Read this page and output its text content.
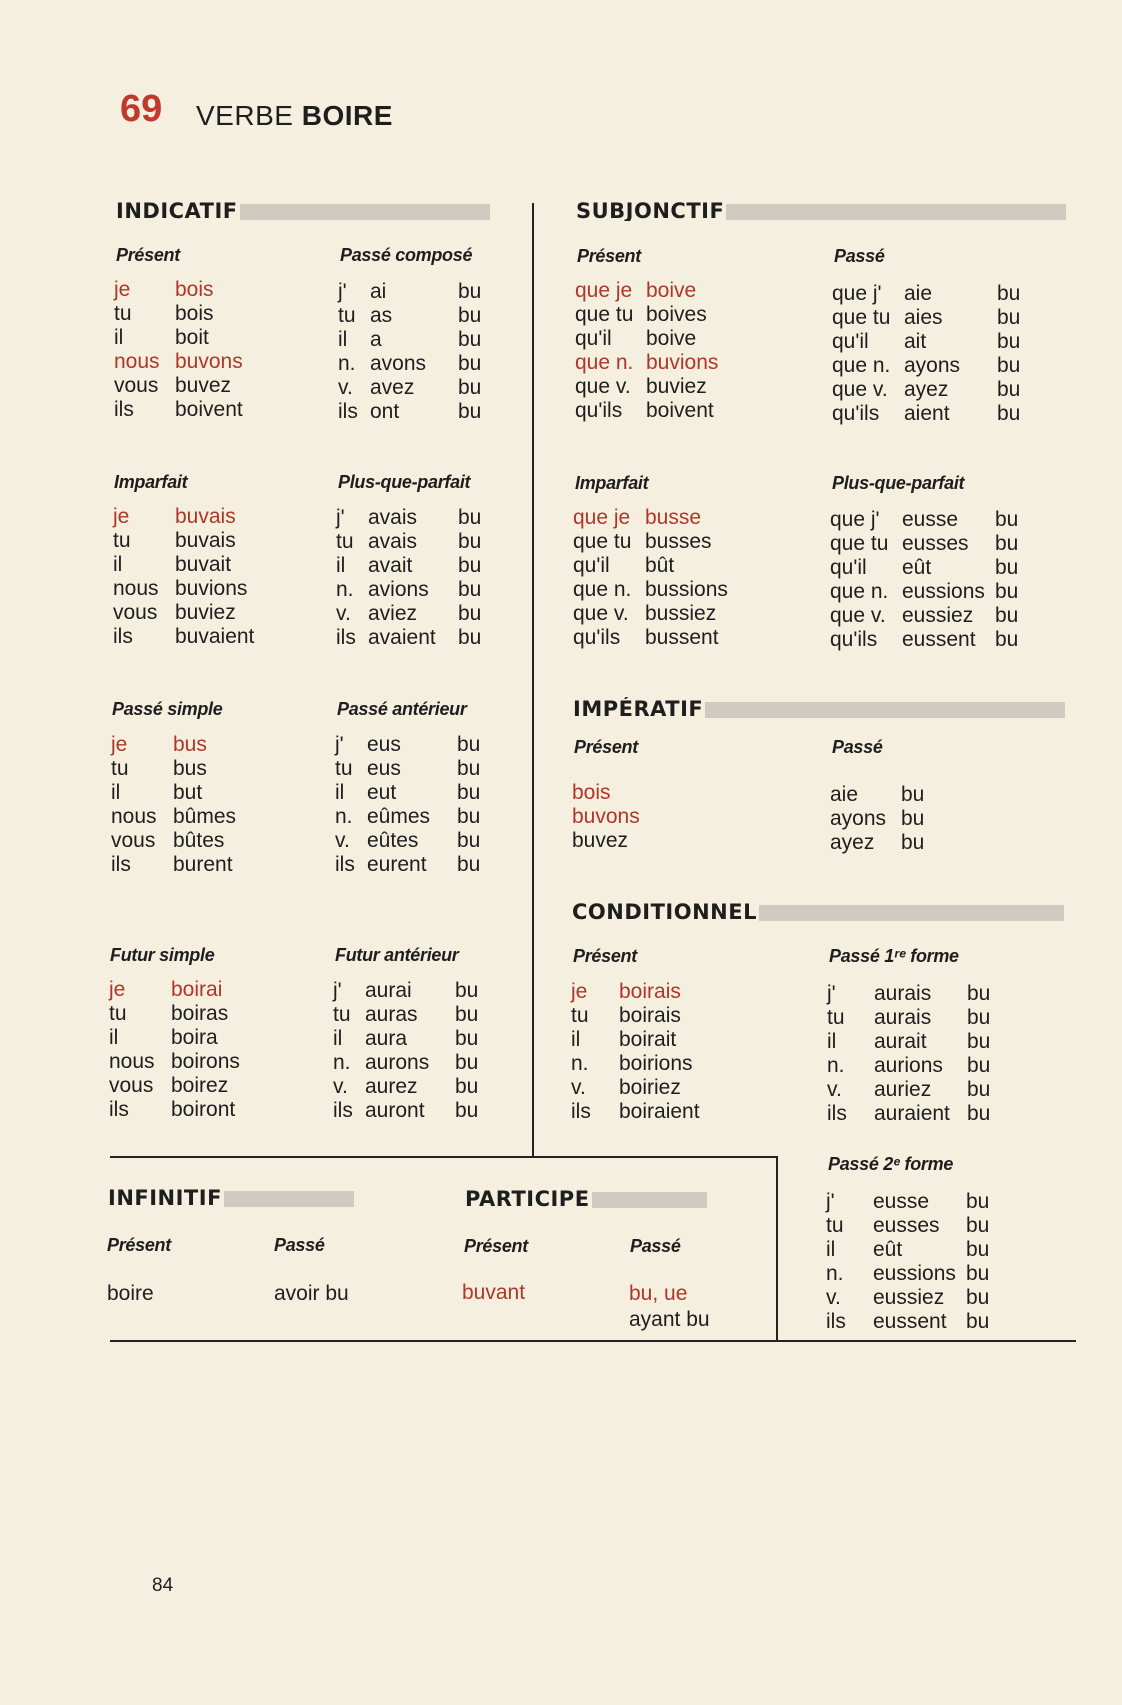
69 VERBE BOIRE
INDICATIF	SUBJONCTIF
IMPÉRATIF
CONDITIONNEL
INFINITIF	PARTICIPE
Présent
je bois
tu bois
il boit
nous buvons
vous buvez
ils boivent
Passé composé
j' ai	bu
tu as	bu
il a	bu
n. avons bu
v. avez bu
ils ont	bu
Imparfait
je buvais
tu buvais
il	buvait
nous buvions
vous buviez
ils buvaient
Plus-que-parfait
j' avais bu
tu avais bu
il avait bu
n. avions bu
v. aviez bu
ils avaient bu
Passé simple
je bus
tu bus
il	but
nous bûmes
vous bûtes
ils burent
Passé antérieur
j' eus	bu
tu eus	bu
il eut	bu
n. eûmes bu
v. eûtes bu
ils eurent bu
Futur simple
je boirai
tu boiras
il	boira
nous boirons
vous boirez
ils boiront
Futur antérieur
j' aurai bu
tu auras bu
il aura bu
n. aurons bu
v. aurez bu
ils auront bu
Présent
que je boive
que tu boives
qu'il boive
que n. buvions
que v. buviez
qu'ils boivent
Passé
que j' aie	bu
que tu aies	bu
qu'il ait	bu
que n. ayons bu
que v. ayez bu
qu'ils aient bu
Imparfait
que je busse
que tu busses
qu'il bût
que n. bussions
que v. bussiez
qu'ils bussent
Plus-que-parfait
que j' eusse bu
que tu eusses bu
qu'il eût	bu
que n. eussions bu
que v. eussiez bu
qu'ils eussent bu
Présent
bois
buvons
buvez
Passé
aie bu
ayons bu
ayez bu
Présent
je boirais
tu boirais
il boirait
n. boirions
v. boiriez
ils boiraient
Passé 1ʳᵉ forme
j' aurais bu
tu aurais bu
il aurait bu
n. aurions bu
v. auriez bu
ils auraient bu
Passé 2ᵉ forme
j' eusse bu
tu eusses bu
il eût	bu
n. eussions bu
v. eussiez bu
ils eussent bu
Présent	Passé
boire	avoir bu
Présent	Passé
buvant	bu, ue
ayant bu
84
